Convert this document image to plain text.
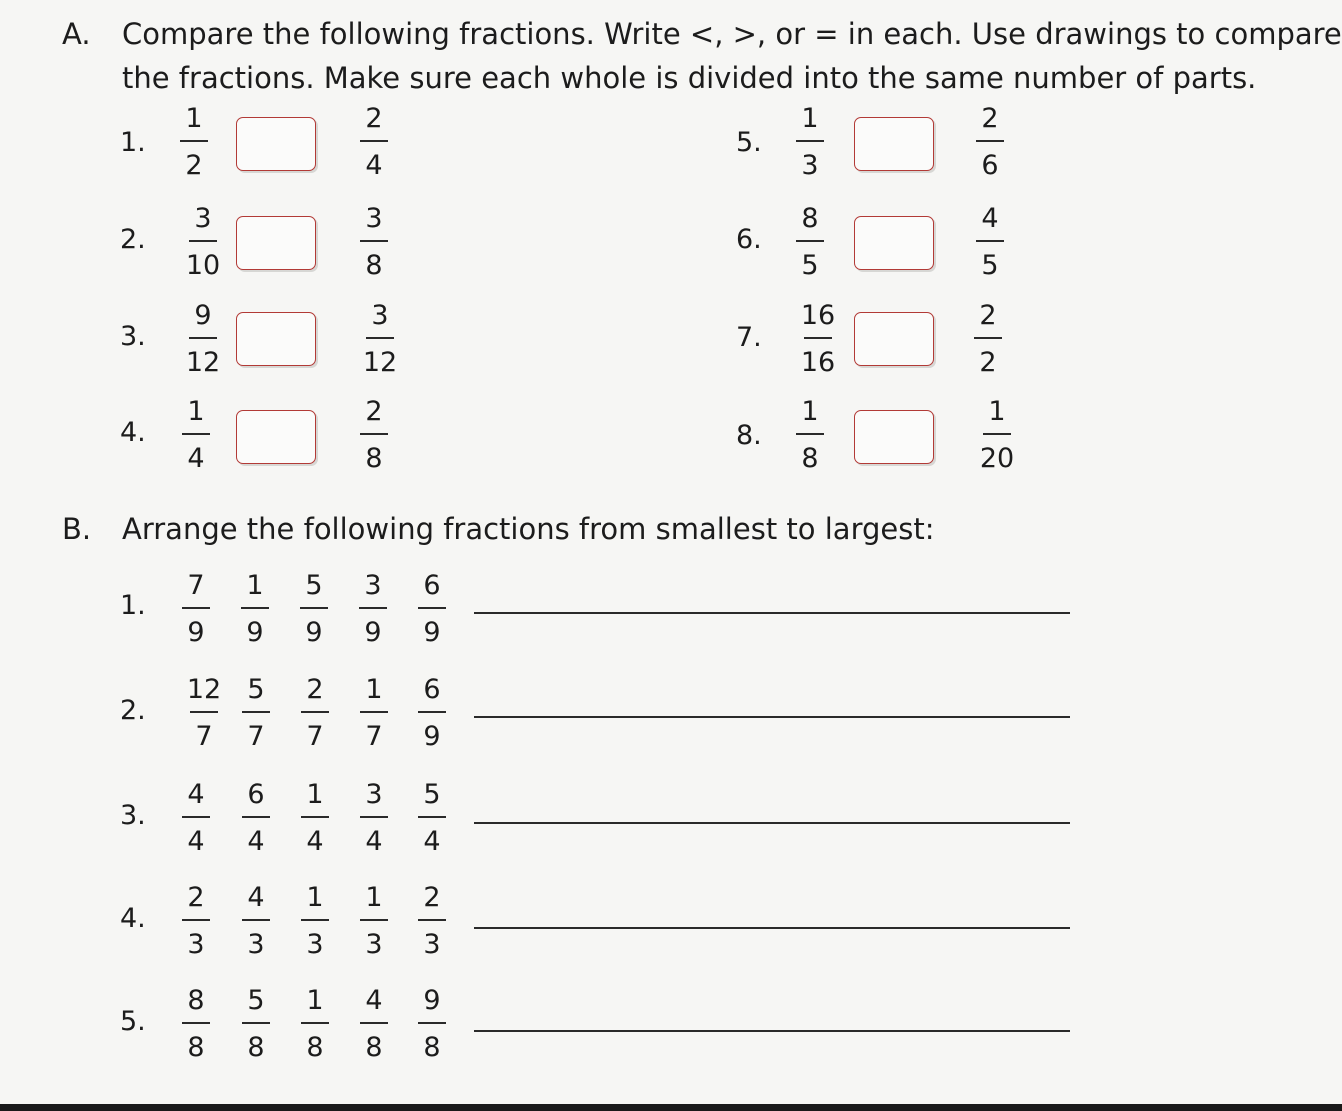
A. Compare the following fractions. Write <, >, or = in each. Use drawings to compare
the fractions. Make sure each whole is divided into the same number of parts.
1.
1
2
2
4
2.
3
10
3
8
3.
9
12
3
12
4.
1
4
2
8
5.
1
3
2
6
6.
8
5
4
5
7.
16
16
2
2
8.
1
8
1
20
B. Arrange the following fractions from smallest to largest:
1.
7
9
1
9
5
9
3
9
6
9
2.
12
7
5
7
2
7
1
7
6
9
3.
4
4
6
4
1
4
3
4
5
4
4.
2
3
4
3
1
3
1
3
2
3
5.
8
8
5
8
1
8
4
8
9
8
